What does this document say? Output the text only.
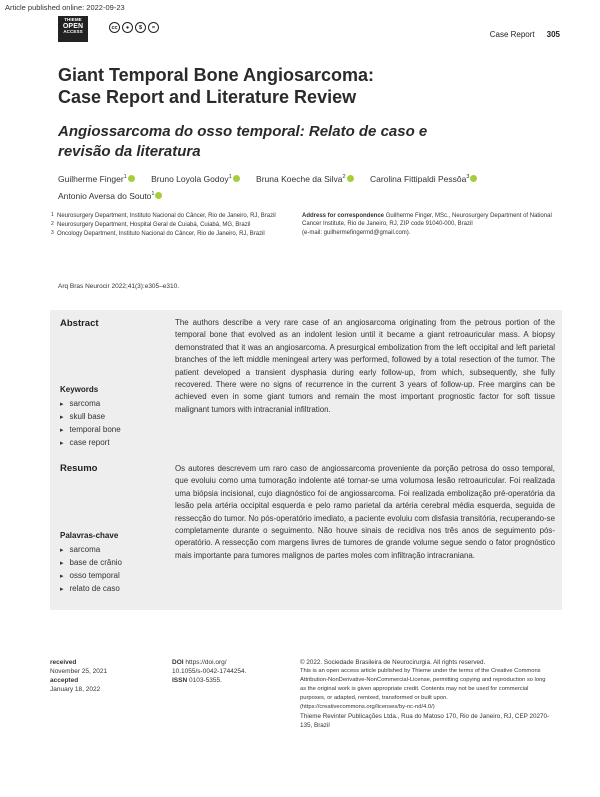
Article published online: 2022-09-23
THIEME
OPEN
ACCESS
cc	●	$	=
Case Report 305
Giant Temporal Bone Angiosarcoma:
Case Report and Literature Review
Angiossarcoma do osso temporal: Relato de caso e
revisão da literatura
Guilherme Finger$^1$	Bruno Loyola Godoy$^1$	Bruna Koeche da Silva$^2$	Carolina Fittipaldi Pessôa$^3$
Antonio Aversa do Souto$^1$
1 Neurosurgery Department, Instituto Nacional do Câncer, Rio de Janeiro, RJ, Brazil
2 Neurosurgery Department, Hospital Geral de Cuiabá, Cuiabá, MG, Brazil
3 Oncology Department, Instituto Nacional do Câncer, Rio de Janeiro, RJ, Brazil
Address for correspondence Guilherme Finger, MSc., Neurosurgery Department of National Cancer Institute, Rio de Janeiro, RJ, ZIP code 91040-000, Brazil
(e-mail: guilhermefingermd@gmail.com).
Arq Bras Neurocir 2022;41(3):e305–e310.
Abstract
Keywords
▸ sarcoma
▸ skull base
▸ temporal bone
▸ case report

The authors describe a very rare case of an angiosarcoma originating from the petrous portion of the temporal bone that evolved as an indolent lesion until it became a giant retroauricular mass. A biopsy demonstrated that it was an angiosarcoma. A presurgical embolization from the left occipital and left parietal branches of the left middle meningeal artery was performed, followed by a total resection of the tumor. The patient developed a transient dysphasia during early follow-up, from which, subsequently, she fully recovered. There were no signs of recurrence in the current 3 years of follow-up. Free margins can be achieved even in some giant tumors and remain the most important prognostic factor for soft tissue malignant tumors with intracranial infiltration.

Resumo
Palavras-chave
▸ sarcoma
▸ base de crânio
▸ osso temporal
▸ relato de caso

Os autores descrevem um raro caso de angiossarcoma proveniente da porção petrosa do osso temporal, que evoluiu como uma tumoração indolente até tornar-se uma volumosa lesão retroauricular. Foi realizada uma biópsia incisional, cujo diagnóstico foi de angiossarcoma. Foi realizada embolização pré-operatória da lesão pela artéria occipital esquerda e pelo ramo parietal da artéria cerebral média esquerda, seguida de ressecção do tumor. No pós-operatório imediato, a paciente evoluiu com disfasia transitória, recuperando-se completamente durante o seguimento. Não houve sinais de recidiva nos três anos de seguimento pós-operatório. A ressecção com margens livres de tumores de grande volume segue sendo o fator prognóstico mais importante para tumores malignos de partes moles com infiltração intracraniana.

received
November 25, 2021
accepted
January 18, 2022
DOI https://doi.org/
10.1055/s-0042-1744254.
ISSN 0103-5355.
© 2022. Sociedade Brasileira de Neurocirurgia. All rights reserved.
This is an open access article published by Thieme under the terms of the Creative Commons Attribution-NonDerivative-NonCommercial-License, permitting copying and reproduction so long as the original work is given appropriate credit. Contents may not be used for commercial purposes, or adapted, remixed, transformed or built upon. (https://creativecommons.org/licenses/by-nc-nd/4.0/)
Thieme Revinter Publicações Ltda., Rua do Matoso 170, Rio de Janeiro, RJ, CEP 20270-135, Brazil
